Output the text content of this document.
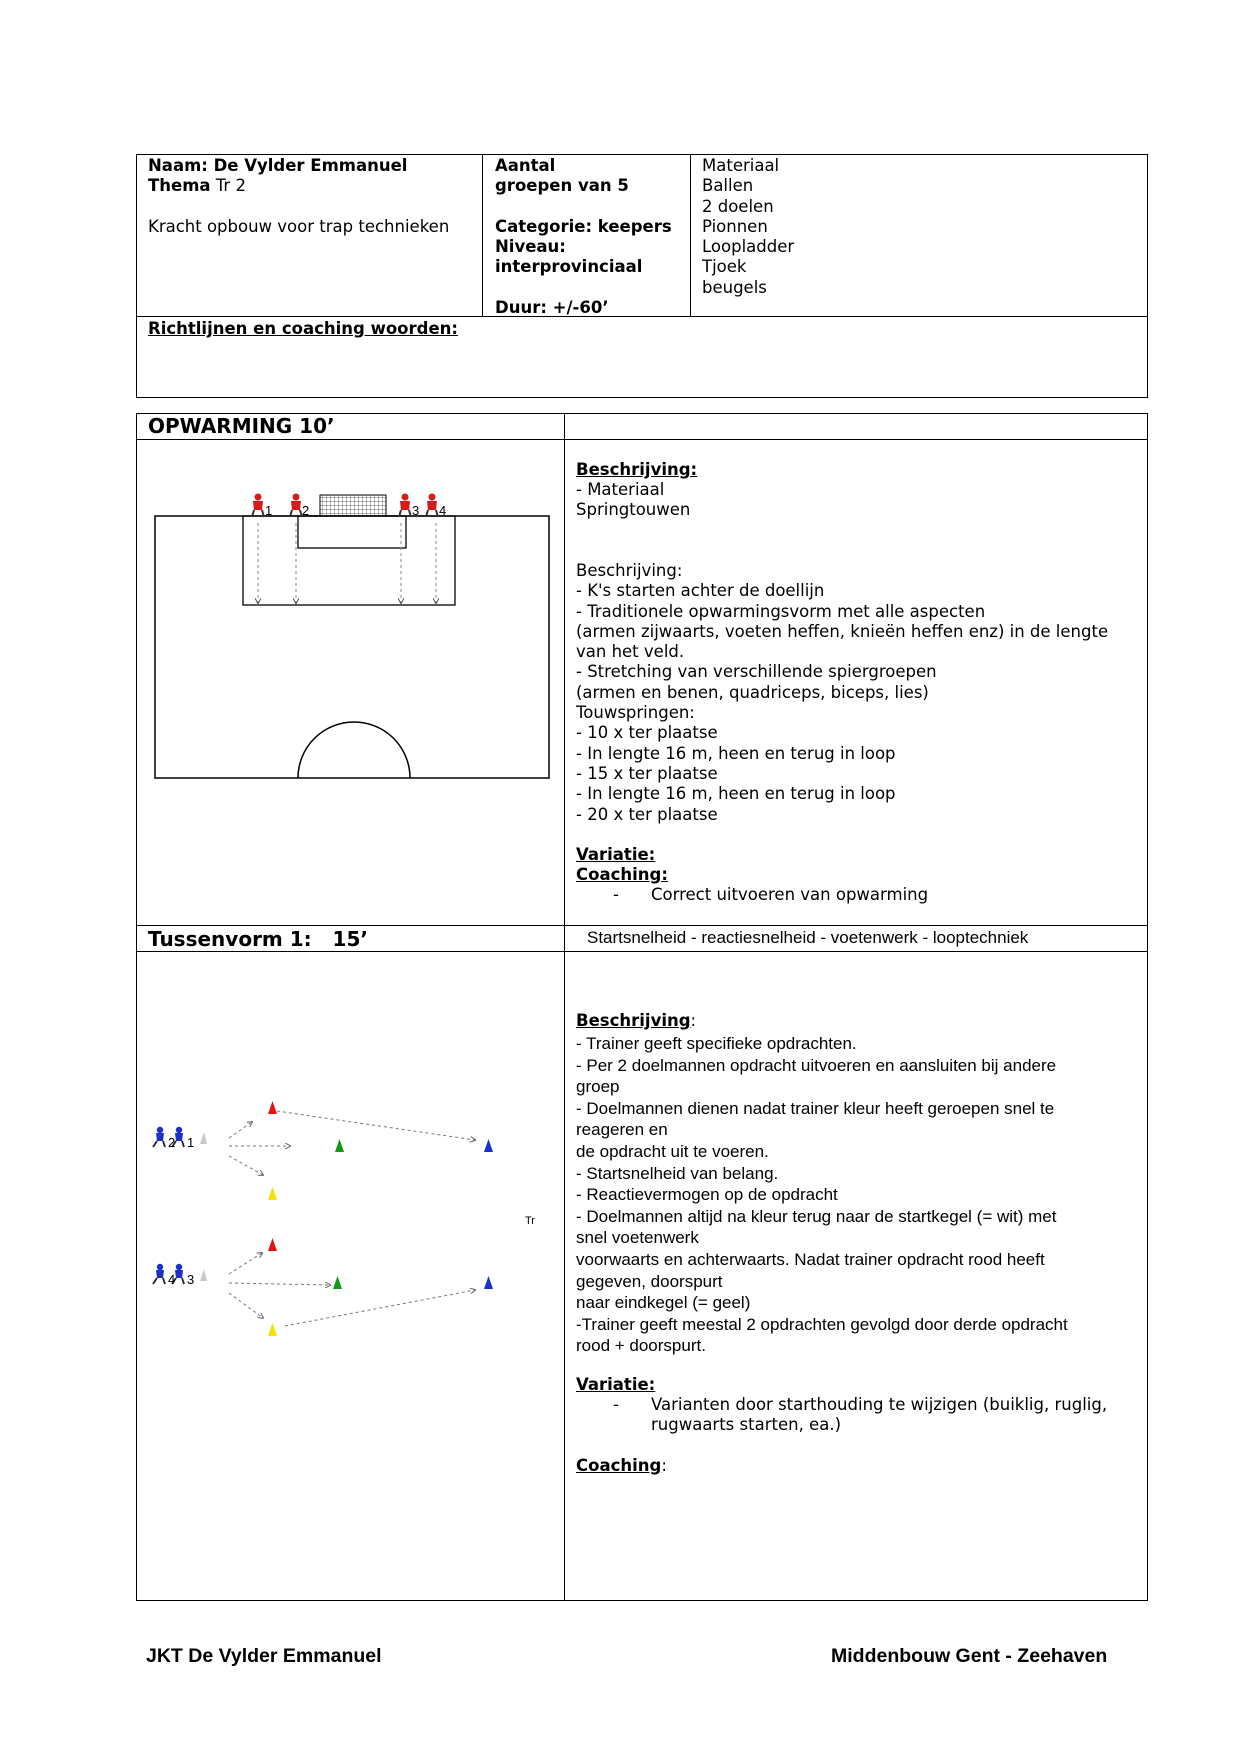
Naam: De Vylder Emmanuel
Thema Tr 2
Kracht opbouw voor trap technieken
Aantal
groepen van 5
Categorie: keepers
Niveau:
interprovinciaal
Duur: +/-60’
Materiaal
Ballen
2 doelen
Pionnen
Loopladder
Tjoek
beugels
Richtlijnen en coaching woorden:
OPWARMING 10’
1 2	3 4
Beschrijving:
- Materiaal
Springtouwen
Beschrijving:
- K's starten achter de doellijn
- Traditionele opwarmingsvorm met alle aspecten
(armen zijwaarts, voeten heffen, knieën heffen enz) in de lengte
van het veld.
- Stretching van verschillende spiergroepen
(armen en benen, quadriceps, biceps, lies)
Touwspringen:
- 10 x ter plaatse
- In lengte 16 m, heen en terug in loop
- 15 x ter plaatse
- In lengte 16 m, heen en terug in loop
- 20 x ter plaatse
Variatie:
Coaching:
- Correct uitvoeren van opwarming
Tussenvorm 1:   15’	Startsnelheid - reactiesnelheid - voetenwerk - looptechniek
2 1
Tr
4 3
Beschrijving:
- Trainer geeft specifieke opdrachten.
- Per 2 doelmannen opdracht uitvoeren en aansluiten bij andere
groep
- Doelmannen dienen nadat trainer kleur heeft geroepen snel te
reageren en
de opdracht uit te voeren.
- Startsnelheid van belang.
- Reactievermogen op de opdracht
- Doelmannen altijd na kleur terug naar de startkegel (= wit) met
snel voetenwerk
voorwaarts en achterwaarts. Nadat trainer opdracht rood heeft
gegeven, doorspurt
naar eindkegel (= geel)
-Trainer geeft meestal 2 opdrachten gevolgd door derde opdracht
rood + doorspurt.
Variatie:
- Varianten door starthouding te wijzigen (buiklig, ruglig,
rugwaarts starten, ea.)
Coaching:
JKT De Vylder Emmanuel	Middenbouw Gent - Zeehaven
